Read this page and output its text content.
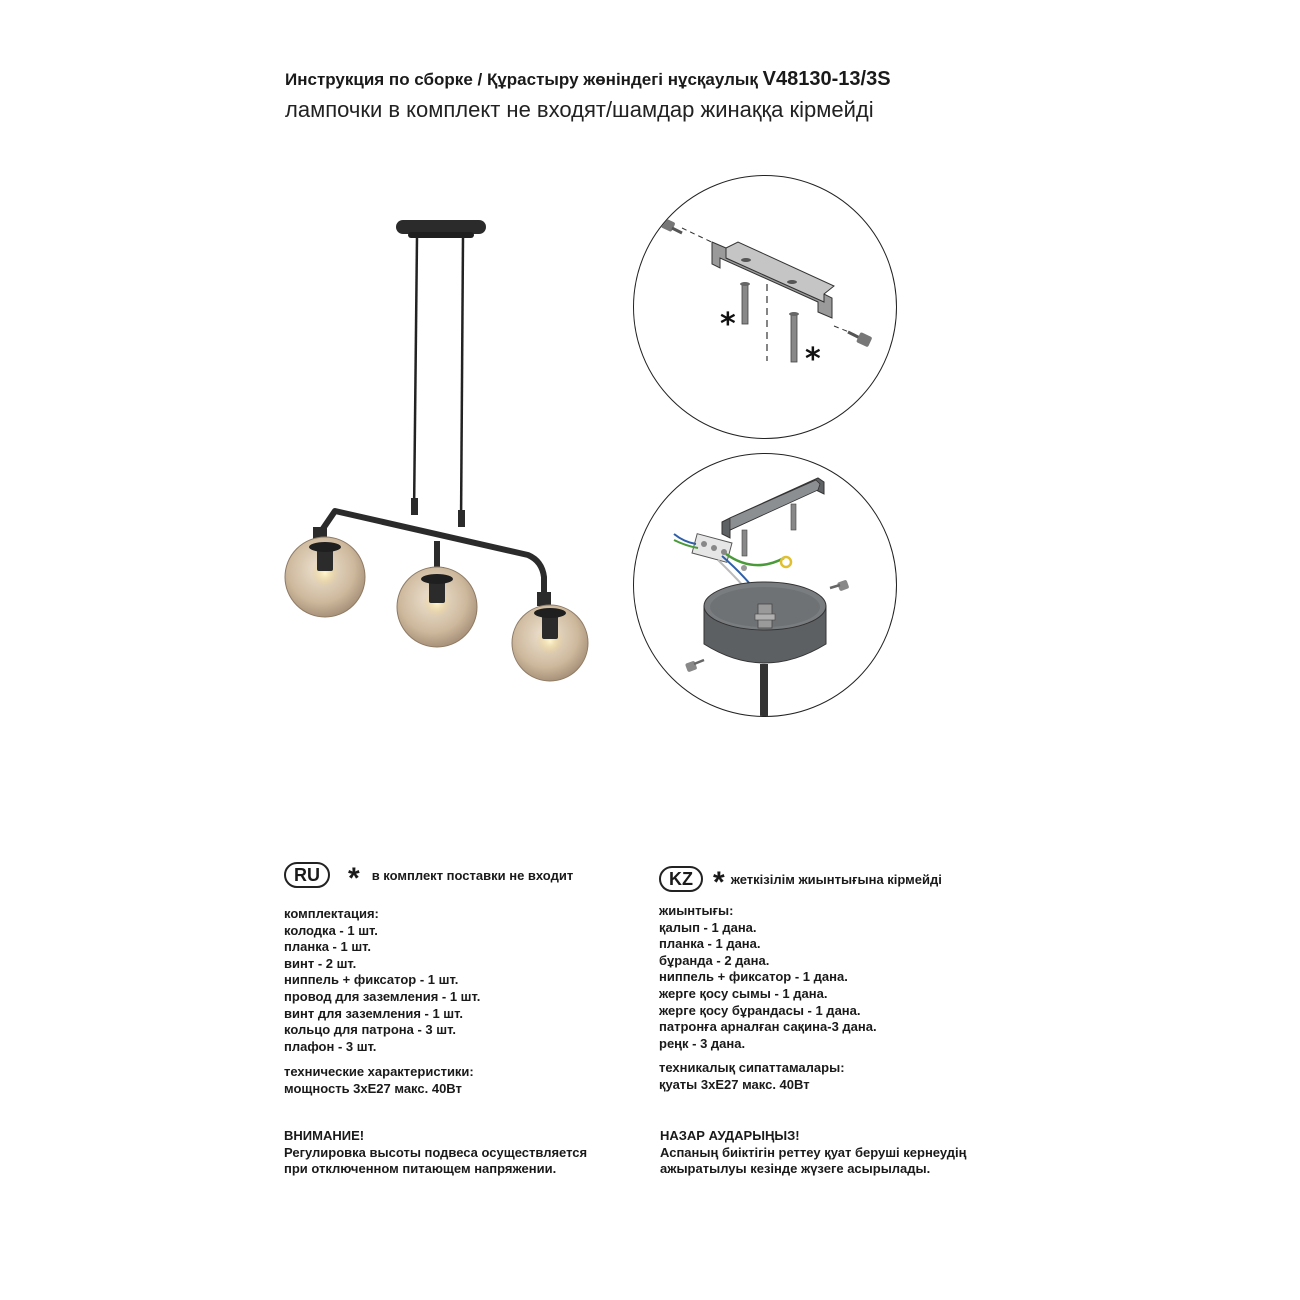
Инструкция по сборке / Құрастыру жөніндегі нұсқаулық V48130-13/3S
лампочки в комплект не входят/шамдар жинаққа кірмейді
*
*
RU * в комплект поставки не входит	KZ * жеткізілім жиынтығына кірмейді
комплектация:
колодка - 1 шт.
планка - 1 шт.
винт - 2 шт.
ниппель + фиксатор - 1 шт.
провод для заземления - 1 шт.
винт для заземления - 1 шт.
кольцо для патрона - 3 шт.
плафон - 3 шт.
технические характеристики:
мощность 3хЕ27 макс. 40Вт
ВНИМАНИЕ!
Регулировка высоты подвеса осуществляется
при отключенном питающем напряжении.
жиынтығы:
қалып - 1 дана.
планка - 1 дана.
бұранда - 2 дана.
ниппель + фиксатор - 1 дана.
жерге қосу сымы - 1 дана.
жерге қосу бұрандасы - 1 дана.
патронға арналған сақина-3 дана.
реңк - 3 дана.
техникалық сипаттамалары:
қуаты 3хЕ27 макс. 40Вт
НАЗАР АУДАРЫҢЫЗ!
Аспаның биіктігін реттеу қуат беруші кернеудің
ажыратылуы кезінде жүзеге асырылады.
